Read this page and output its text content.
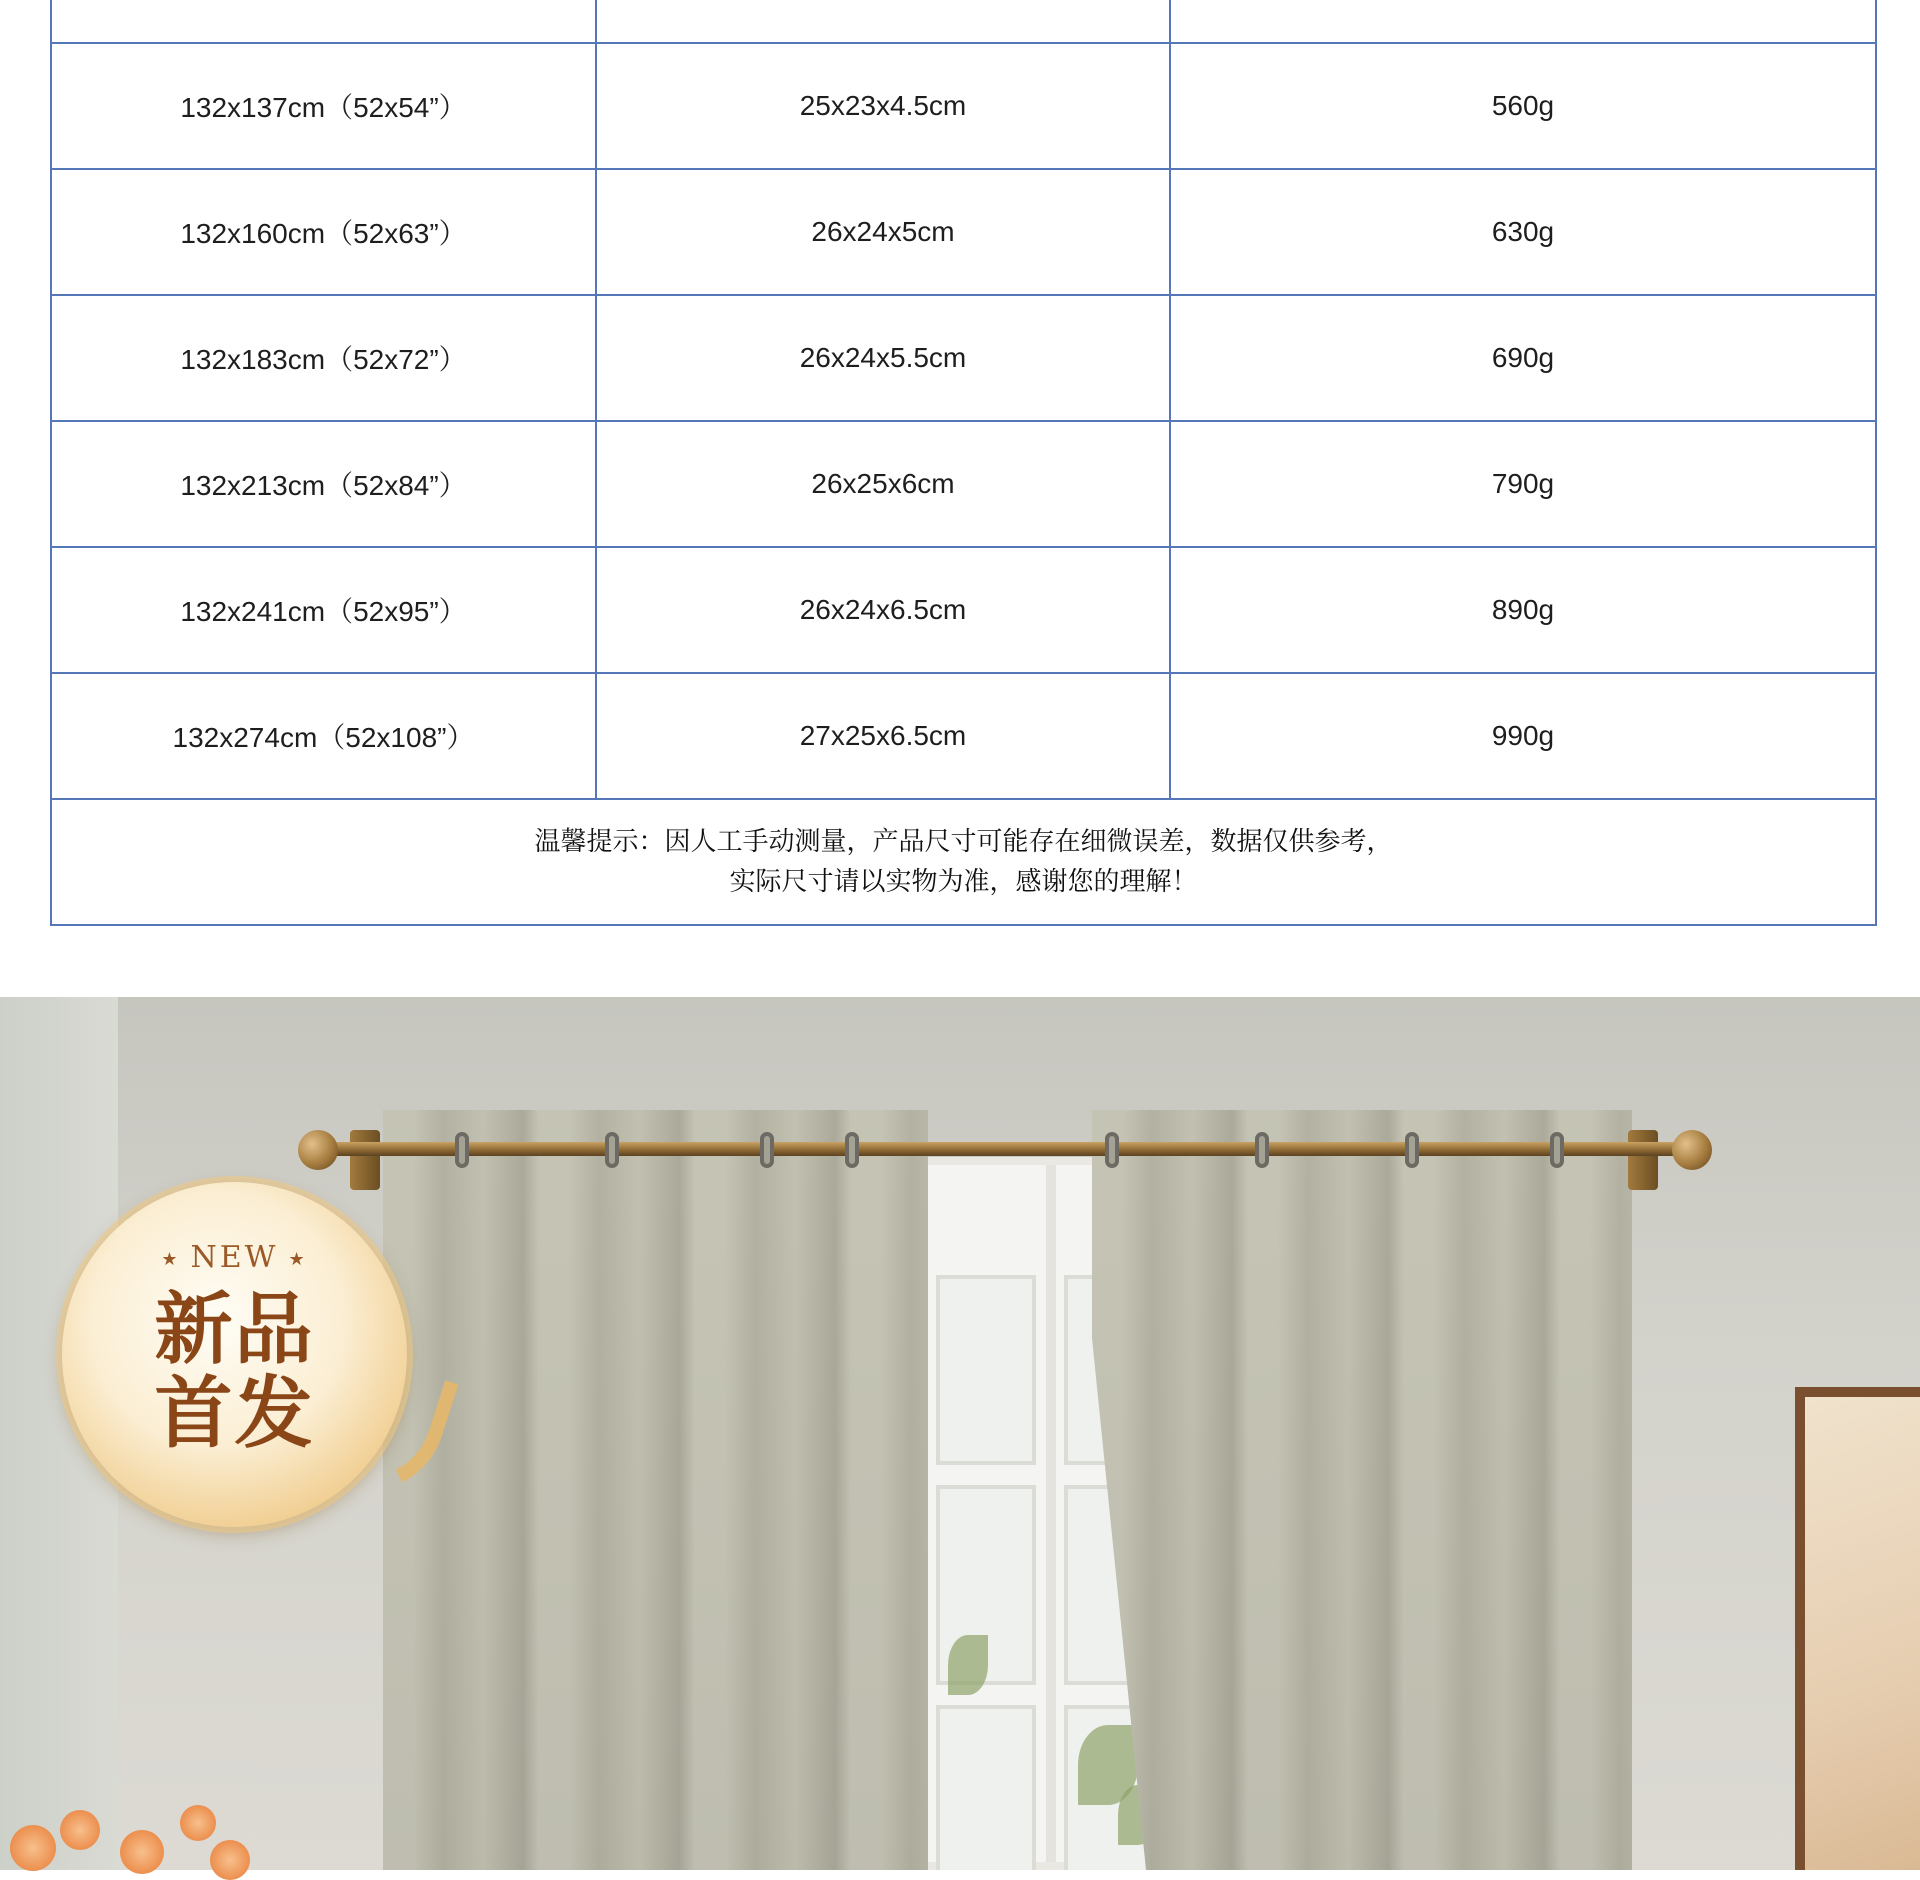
132x137cm（52x54”）	25x23x4.5cm	560g
132x160cm（52x63”）	26x24x5cm	630g
132x183cm（52x72”）	26x24x5.5cm	690g
132x213cm（52x84”）	26x25x6cm	790g
132x241cm（52x95”）	26x24x6.5cm	890g
132x274cm（52x108”）	27x25x6.5cm	990g

温馨提示：因人工手动测量，产品尺寸可能存在细微误差，数据仅供参考，
实际尺寸请以实物为准，感谢您的理解！		
★ NEW ★
新品
首发
